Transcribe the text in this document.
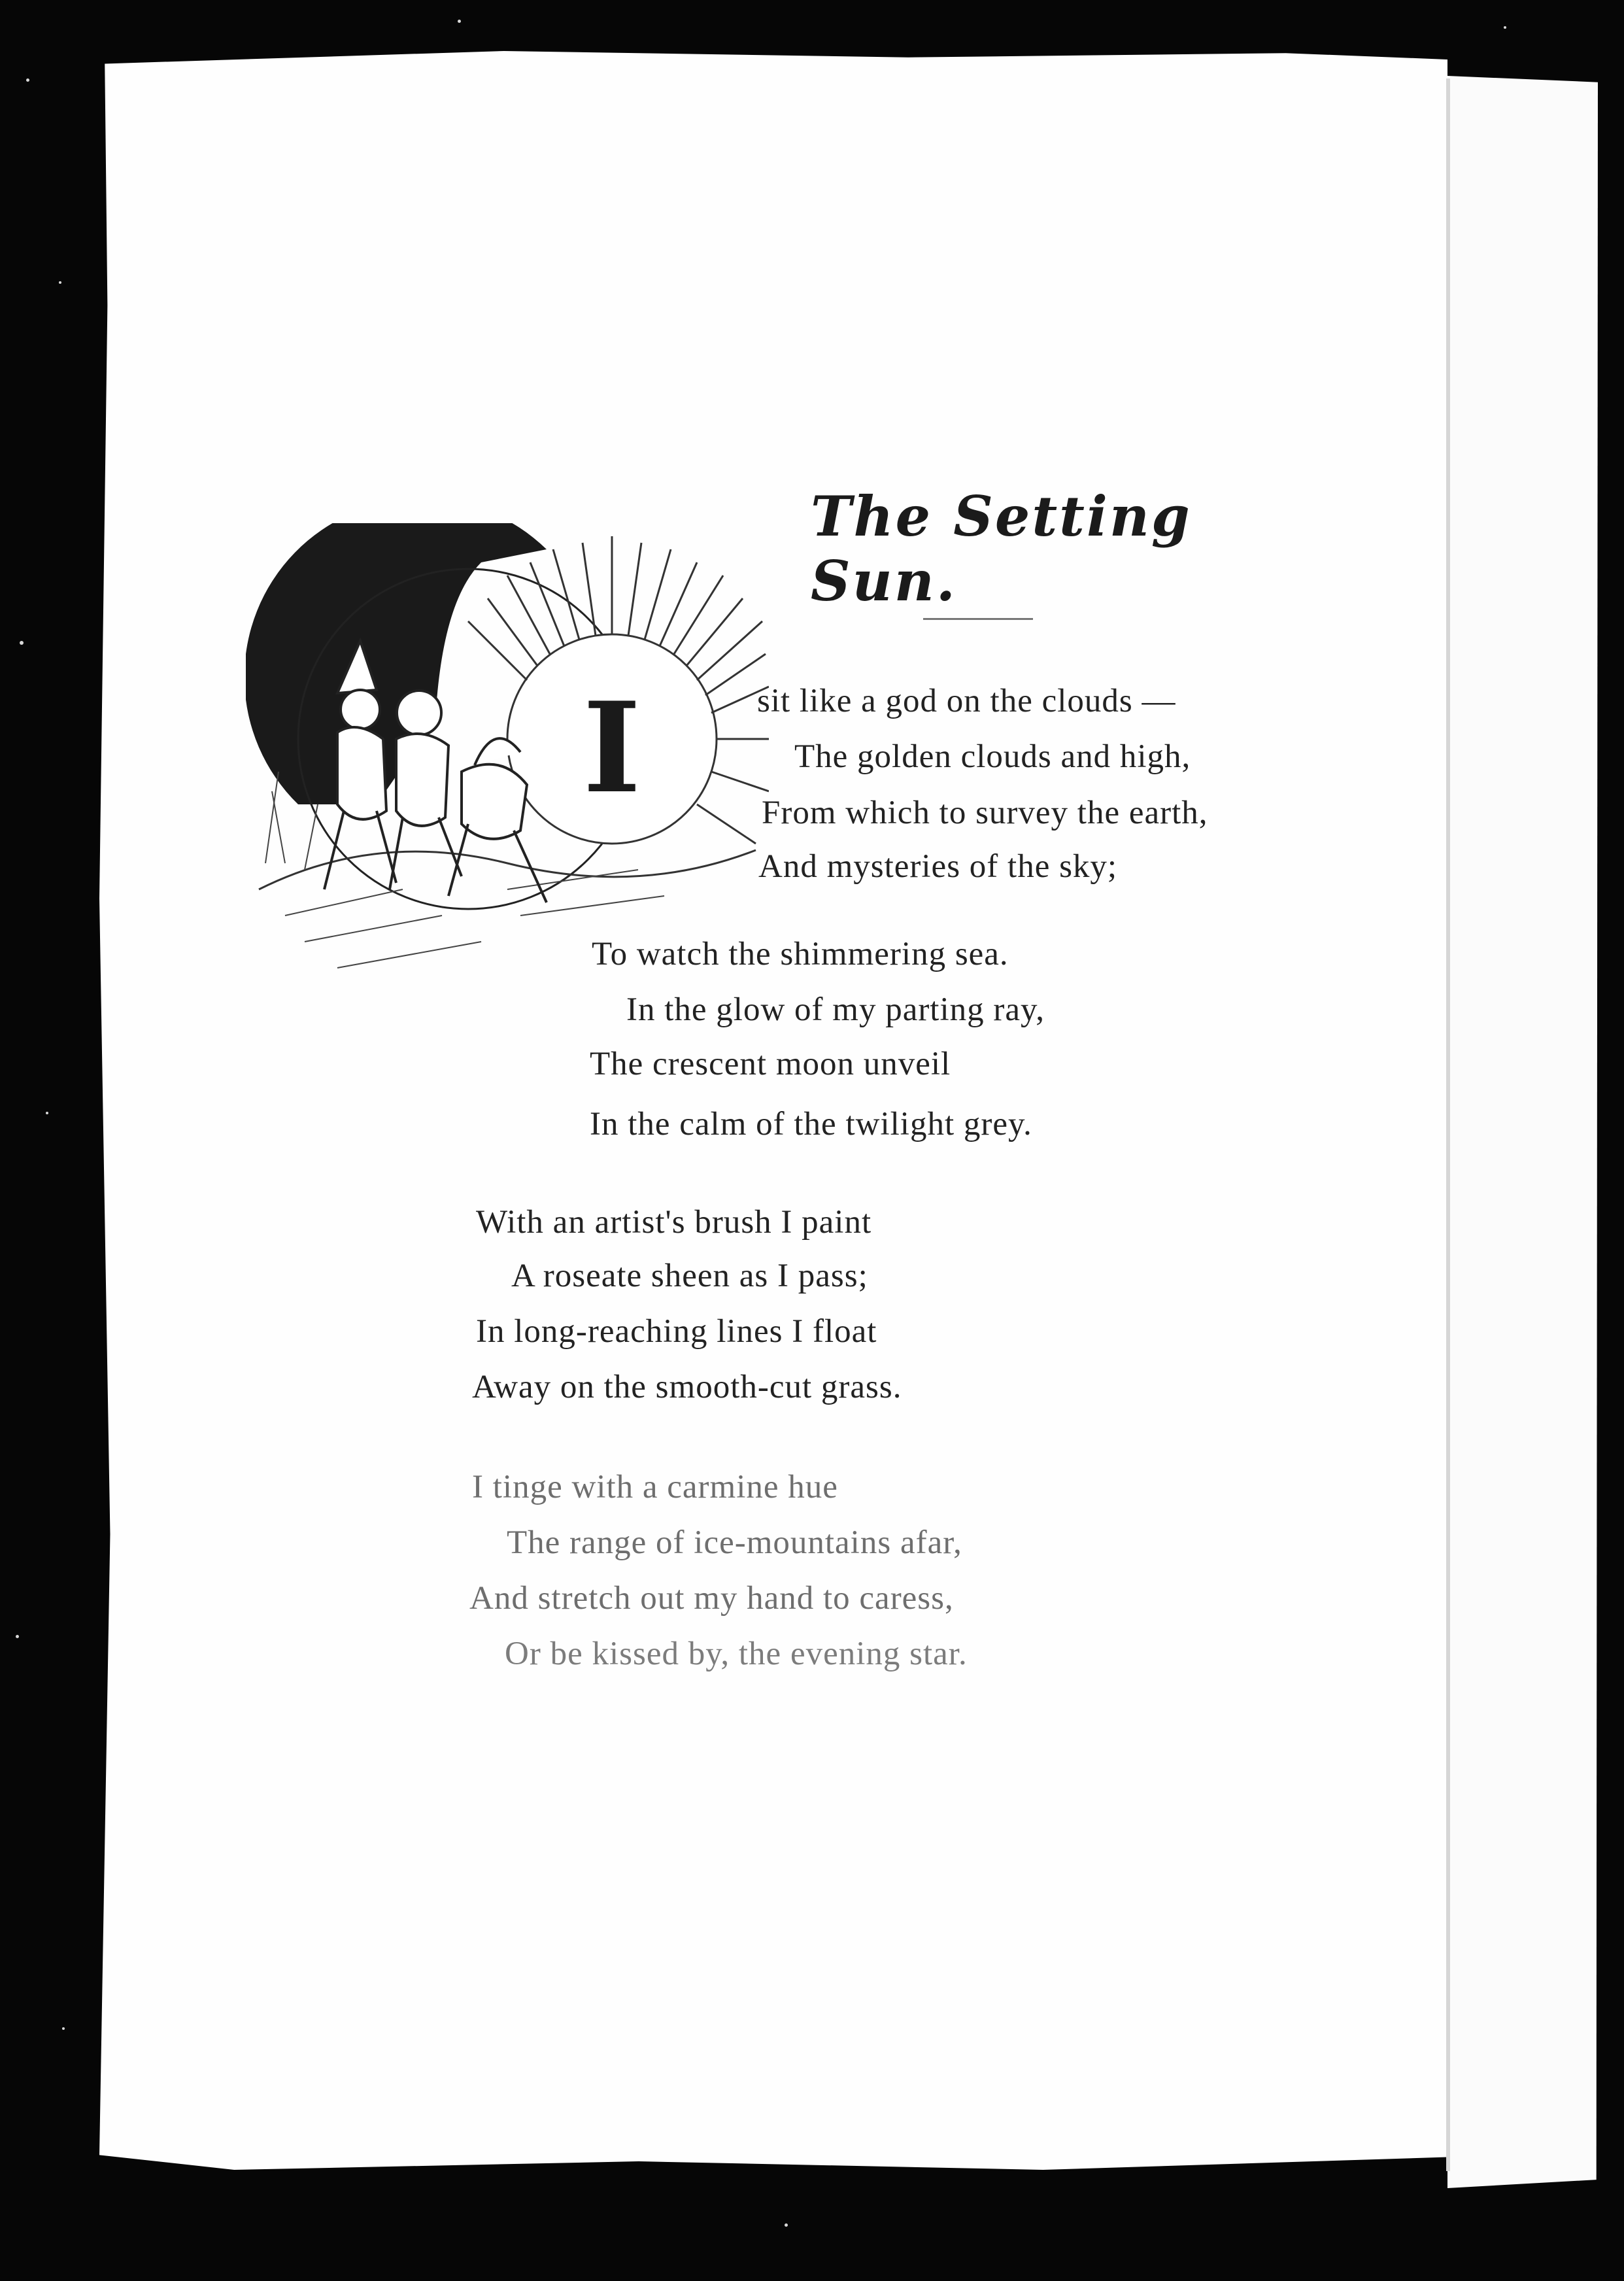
The Setting Sun.
I	sit like a god on the clouds —
The golden clouds and high,
From which to survey the earth,
And mysteries of the sky;
To watch the shimmering sea.
In the glow of my parting ray,
The crescent moon unveil
In the calm of the twilight grey.
With an artist's brush I paint
A roseate sheen as I pass;
In long-reaching lines I float
Away on the smooth-cut grass.
I tinge with a carmine hue
The range of ice-mountains afar,
And stretch out my hand to caress,
Or be kissed by, the evening star.
